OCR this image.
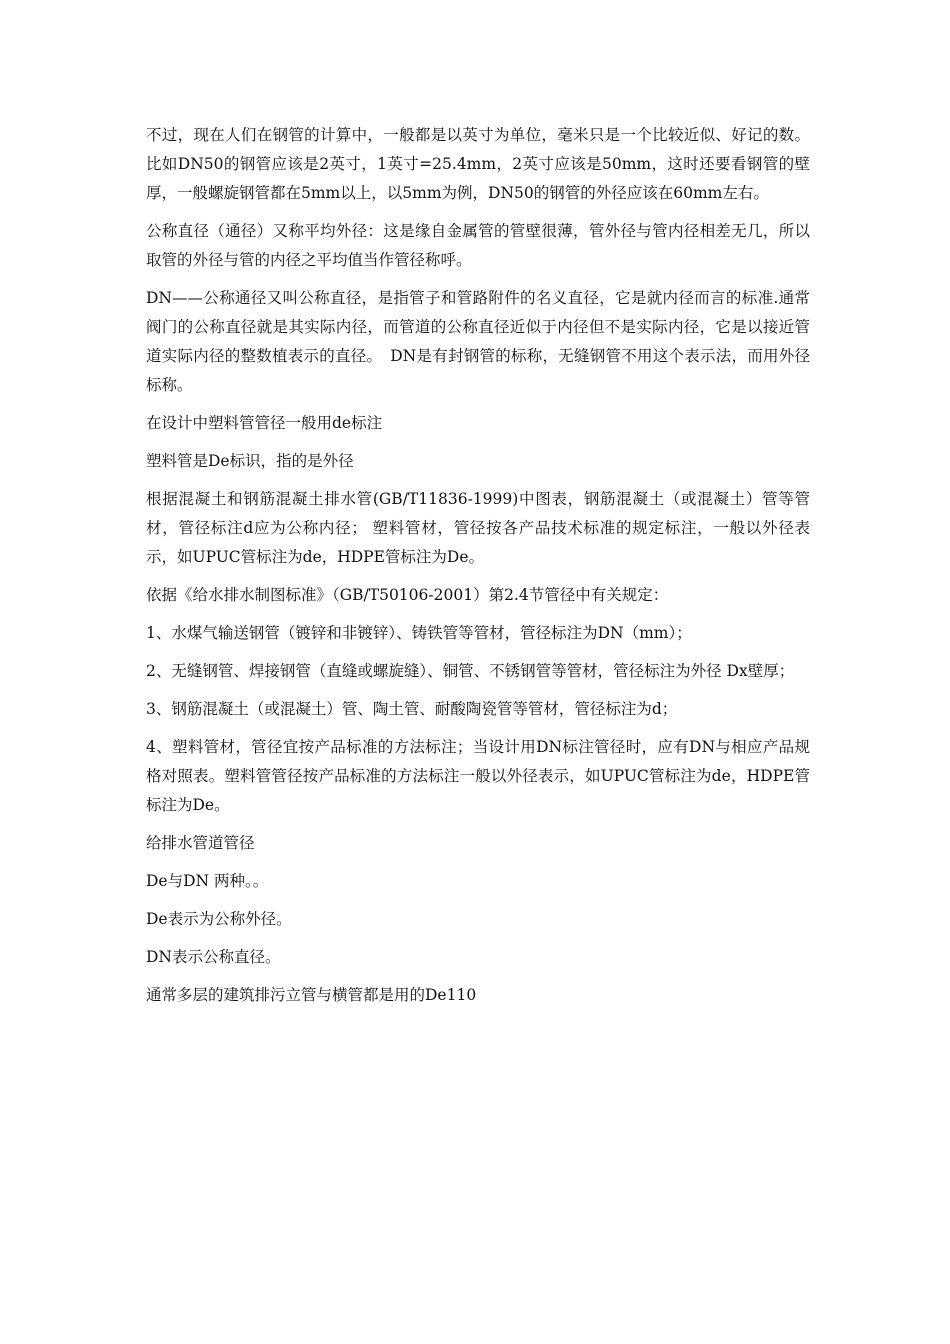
不过，现在人们在钢管的计算中，一般都是以英寸为单位，毫米只是一个比较近似、好记的数。比如DN50的钢管应该是2英寸，1英寸=25.4mm，2英寸应该是50mm，这时还要看钢管的壁厚，一般螺旋钢管都在5mm以上，以5mm为例，DN50的钢管的外径应该在60mm左右。

公称直径（通径）又称平均外径：这是缘自金属管的管壁很薄，管外径与管内径相差无几，所以取管的外径与管的内径之平均值当作管径称呼。

DN——公称通径又叫公称直径，是指管子和管路附件的名义直径，它是就内径而言的标准.通常阀门的公称直径就是其实际内径，而管道的公称直径近似于内径但不是实际内径，它是以接近管道实际内径的整数植表示的直径。　DN是有封钢管的标称，无缝钢管不用这个表示法，而用外径标称。

在设计中塑料管管径一般用de标注

塑料管是De标识，指的是外径

根据混凝土和钢筋混凝土排水管(GB/T11836-1999)中图表，钢筋混凝土（或混凝土）管等管材，管径标注d应为公称内径； 塑料管材，管径按各产品技术标准的规定标注，一般以外径表示，如UPUC管标注为de，HDPE管标注为De。

依据《给水排水制图标准》（GB/T50106-2001）第2.4节管径中有关规定：

1、水煤气输送钢管（镀锌和非镀锌）、铸铁管等管材，管径标注为DN（mm）；

2、无缝钢管、焊接钢管（直缝或螺旋缝）、铜管、不锈钢管等管材，管径标注为外径 Dx壁厚；

3、钢筋混凝土（或混凝土）管、陶土管、耐酸陶瓷管等管材，管径标注为d；

4、塑料管材，管径宜按产品标准的方法标注；当设计用DN标注管径时，应有DN与相应产品规格对照表。塑料管管径按产品标准的方法标注一般以外径表示，如UPUC管标注为de，HDPE管标注为De。

给排水管道管径

De与DN 两种。。

De表示为公称外径。

DN表示公称直径。

通常多层的建筑排污立管与横管都是用的De110
